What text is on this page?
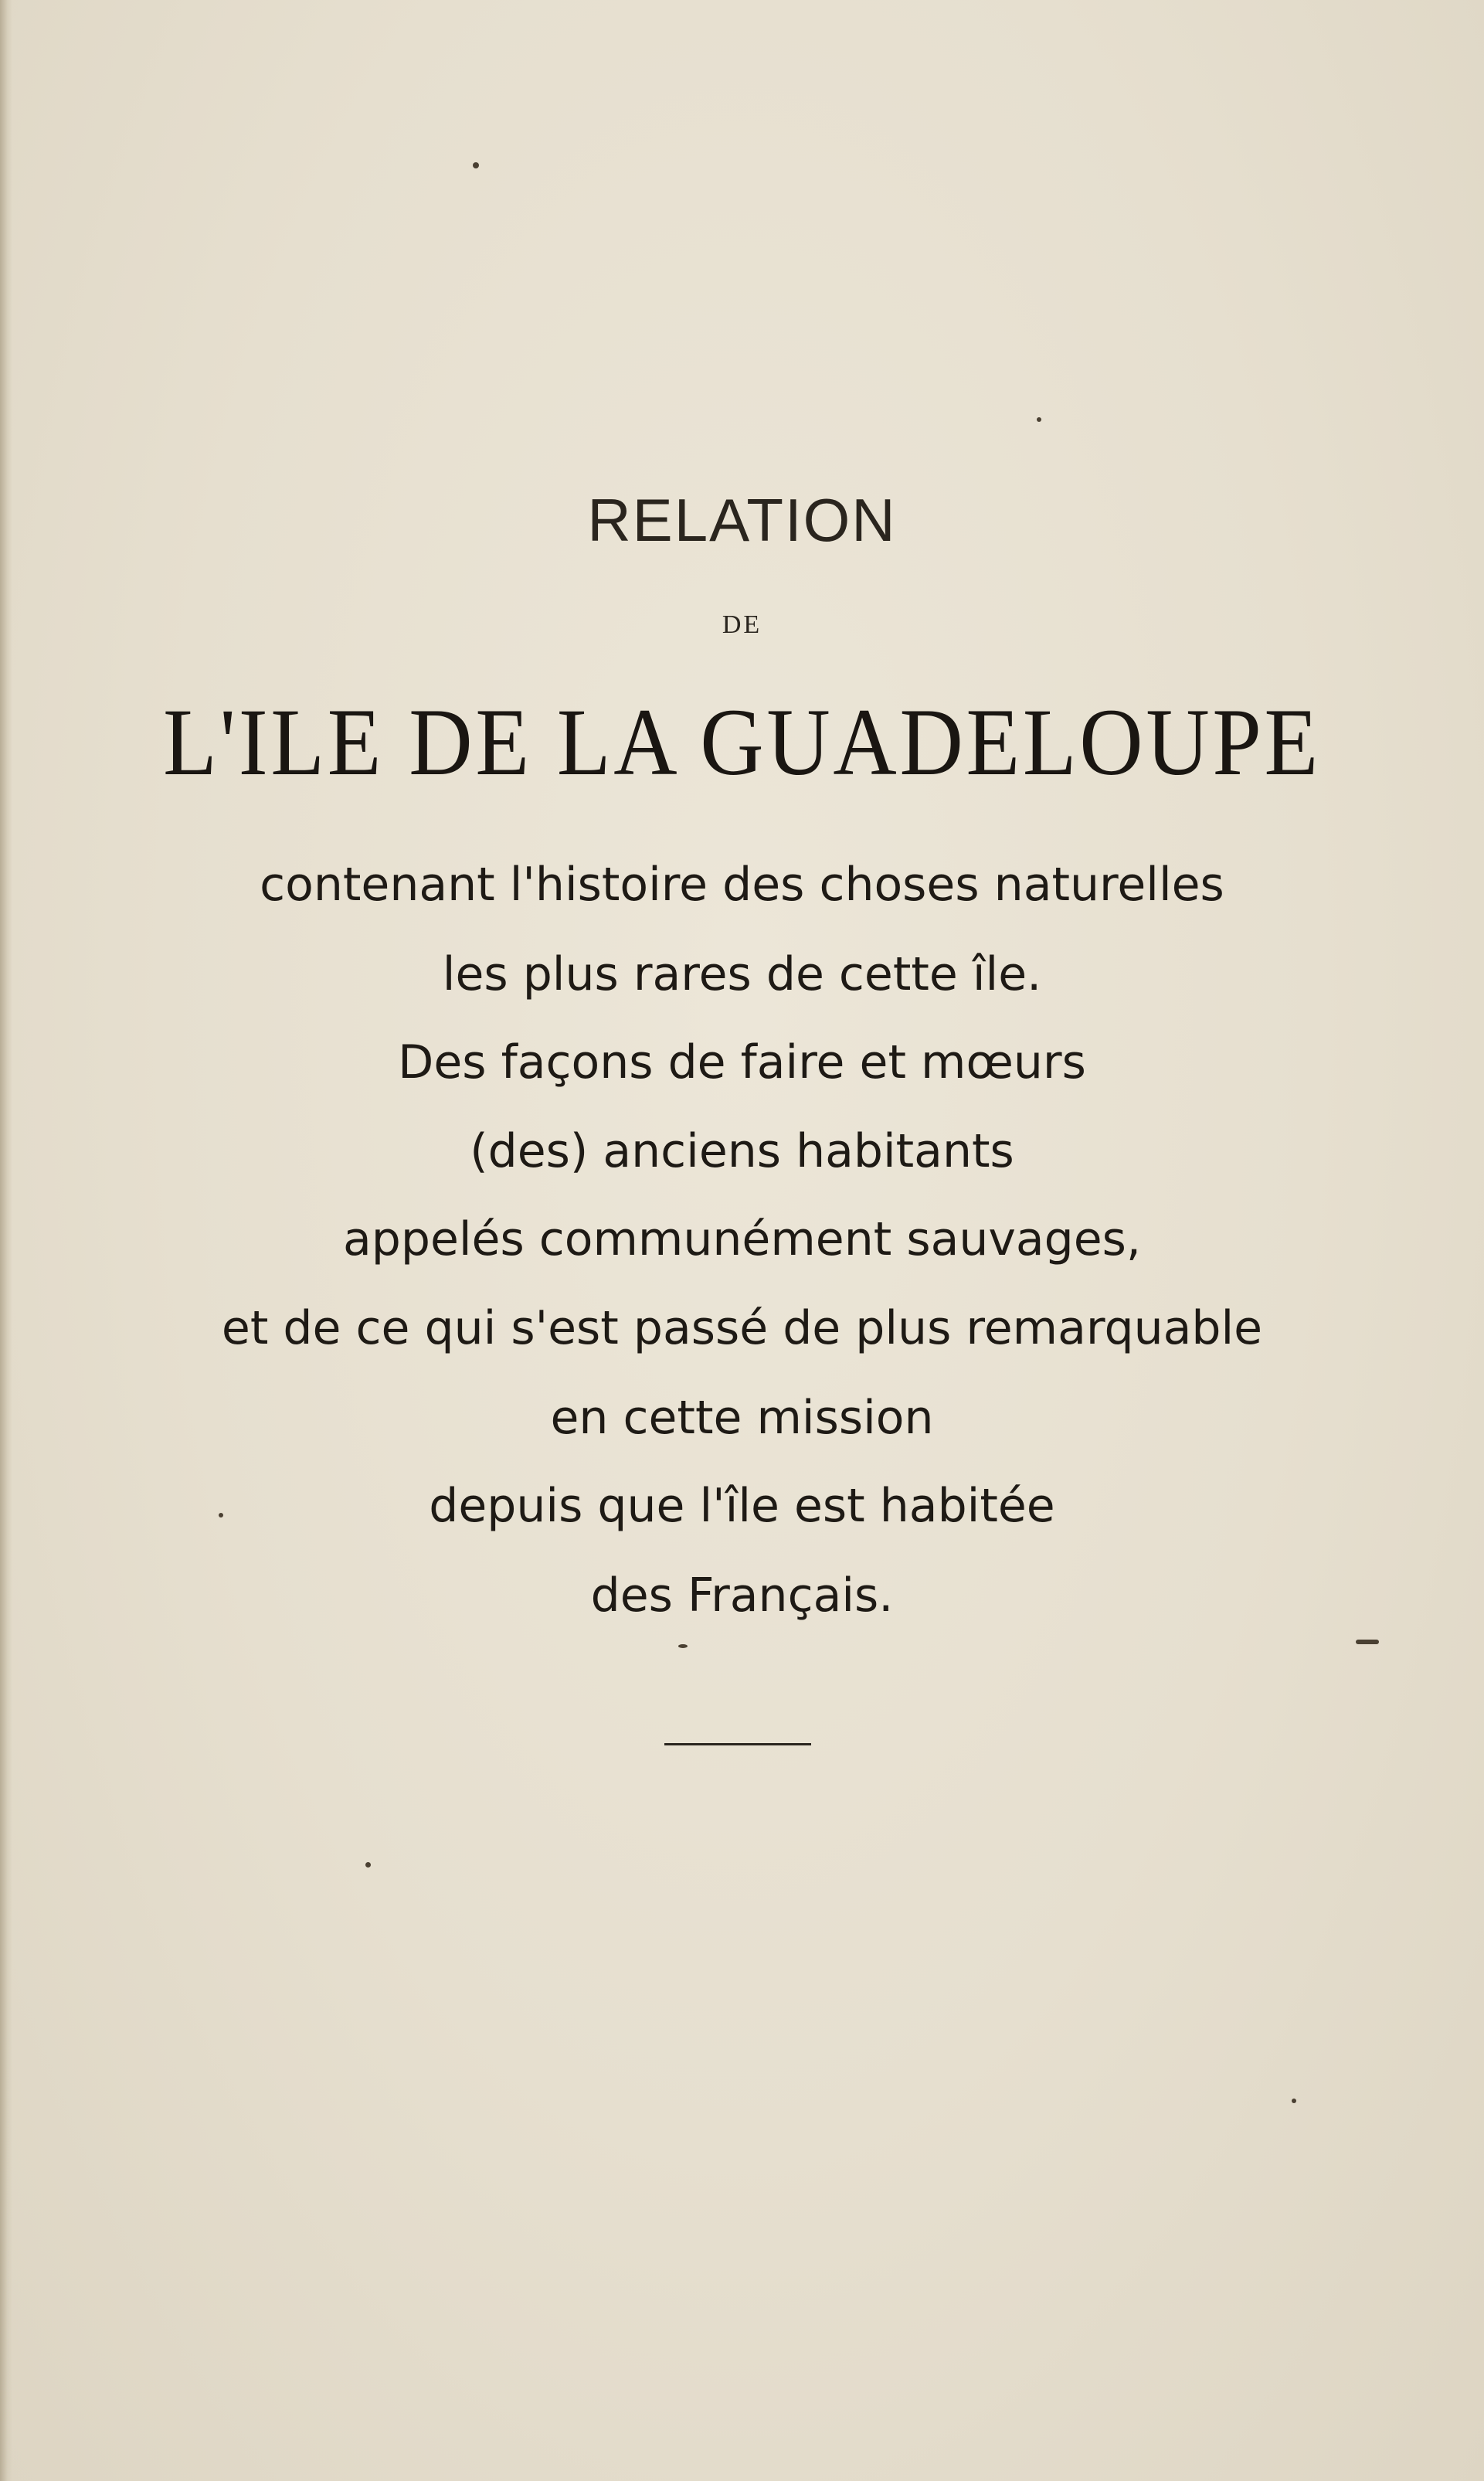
RELATION
DE
L'ILE DE LA GUADELOUPE
contenant l'histoire des choses naturelles
les plus rares de cette île.
Des façons de faire et mœurs
(des) anciens habitants
appelés communément sauvages,
et de ce qui s'est passé de plus remarquable
en cette mission
depuis que l'île est habitée
des Français.
